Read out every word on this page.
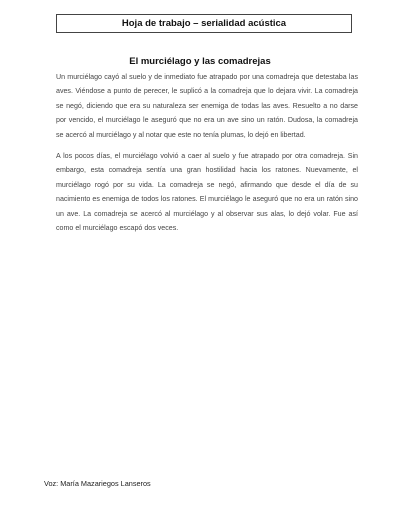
Hoja de trabajo – serialidad acústica
El murciélago y las comadrejas

Un murciélago cayó al suelo y de inmediato fue atrapado por una comadreja que detestaba las aves. Viéndose a punto de perecer, le suplicó a la comadreja que lo dejara vivir. La comadreja se negó, diciendo que era su naturaleza ser enemiga de todas las aves. Resuelto a no darse por vencido, el murciélago le aseguró que no era un ave sino un ratón. Dudosa, la comadreja se acercó al murciélago y al notar que este no tenía plumas, lo dejó en libertad.

A los pocos días, el murciélago volvió a caer al suelo y fue atrapado por otra comadreja. Sin embargo, esta comadreja sentía una gran hostilidad hacia los ratones. Nuevamente, el murciélago rogó por su vida. La comadreja se negó, afirmando que desde el día de su nacimiento es enemiga de todos los ratones. El murciélago le aseguró que no era un ratón sino un ave. La comadreja se acercó al murciélago y al observar sus alas, lo dejó volar. Fue así como el murciélago escapó dos veces.

Voz: María Mazariegos Lanseros
